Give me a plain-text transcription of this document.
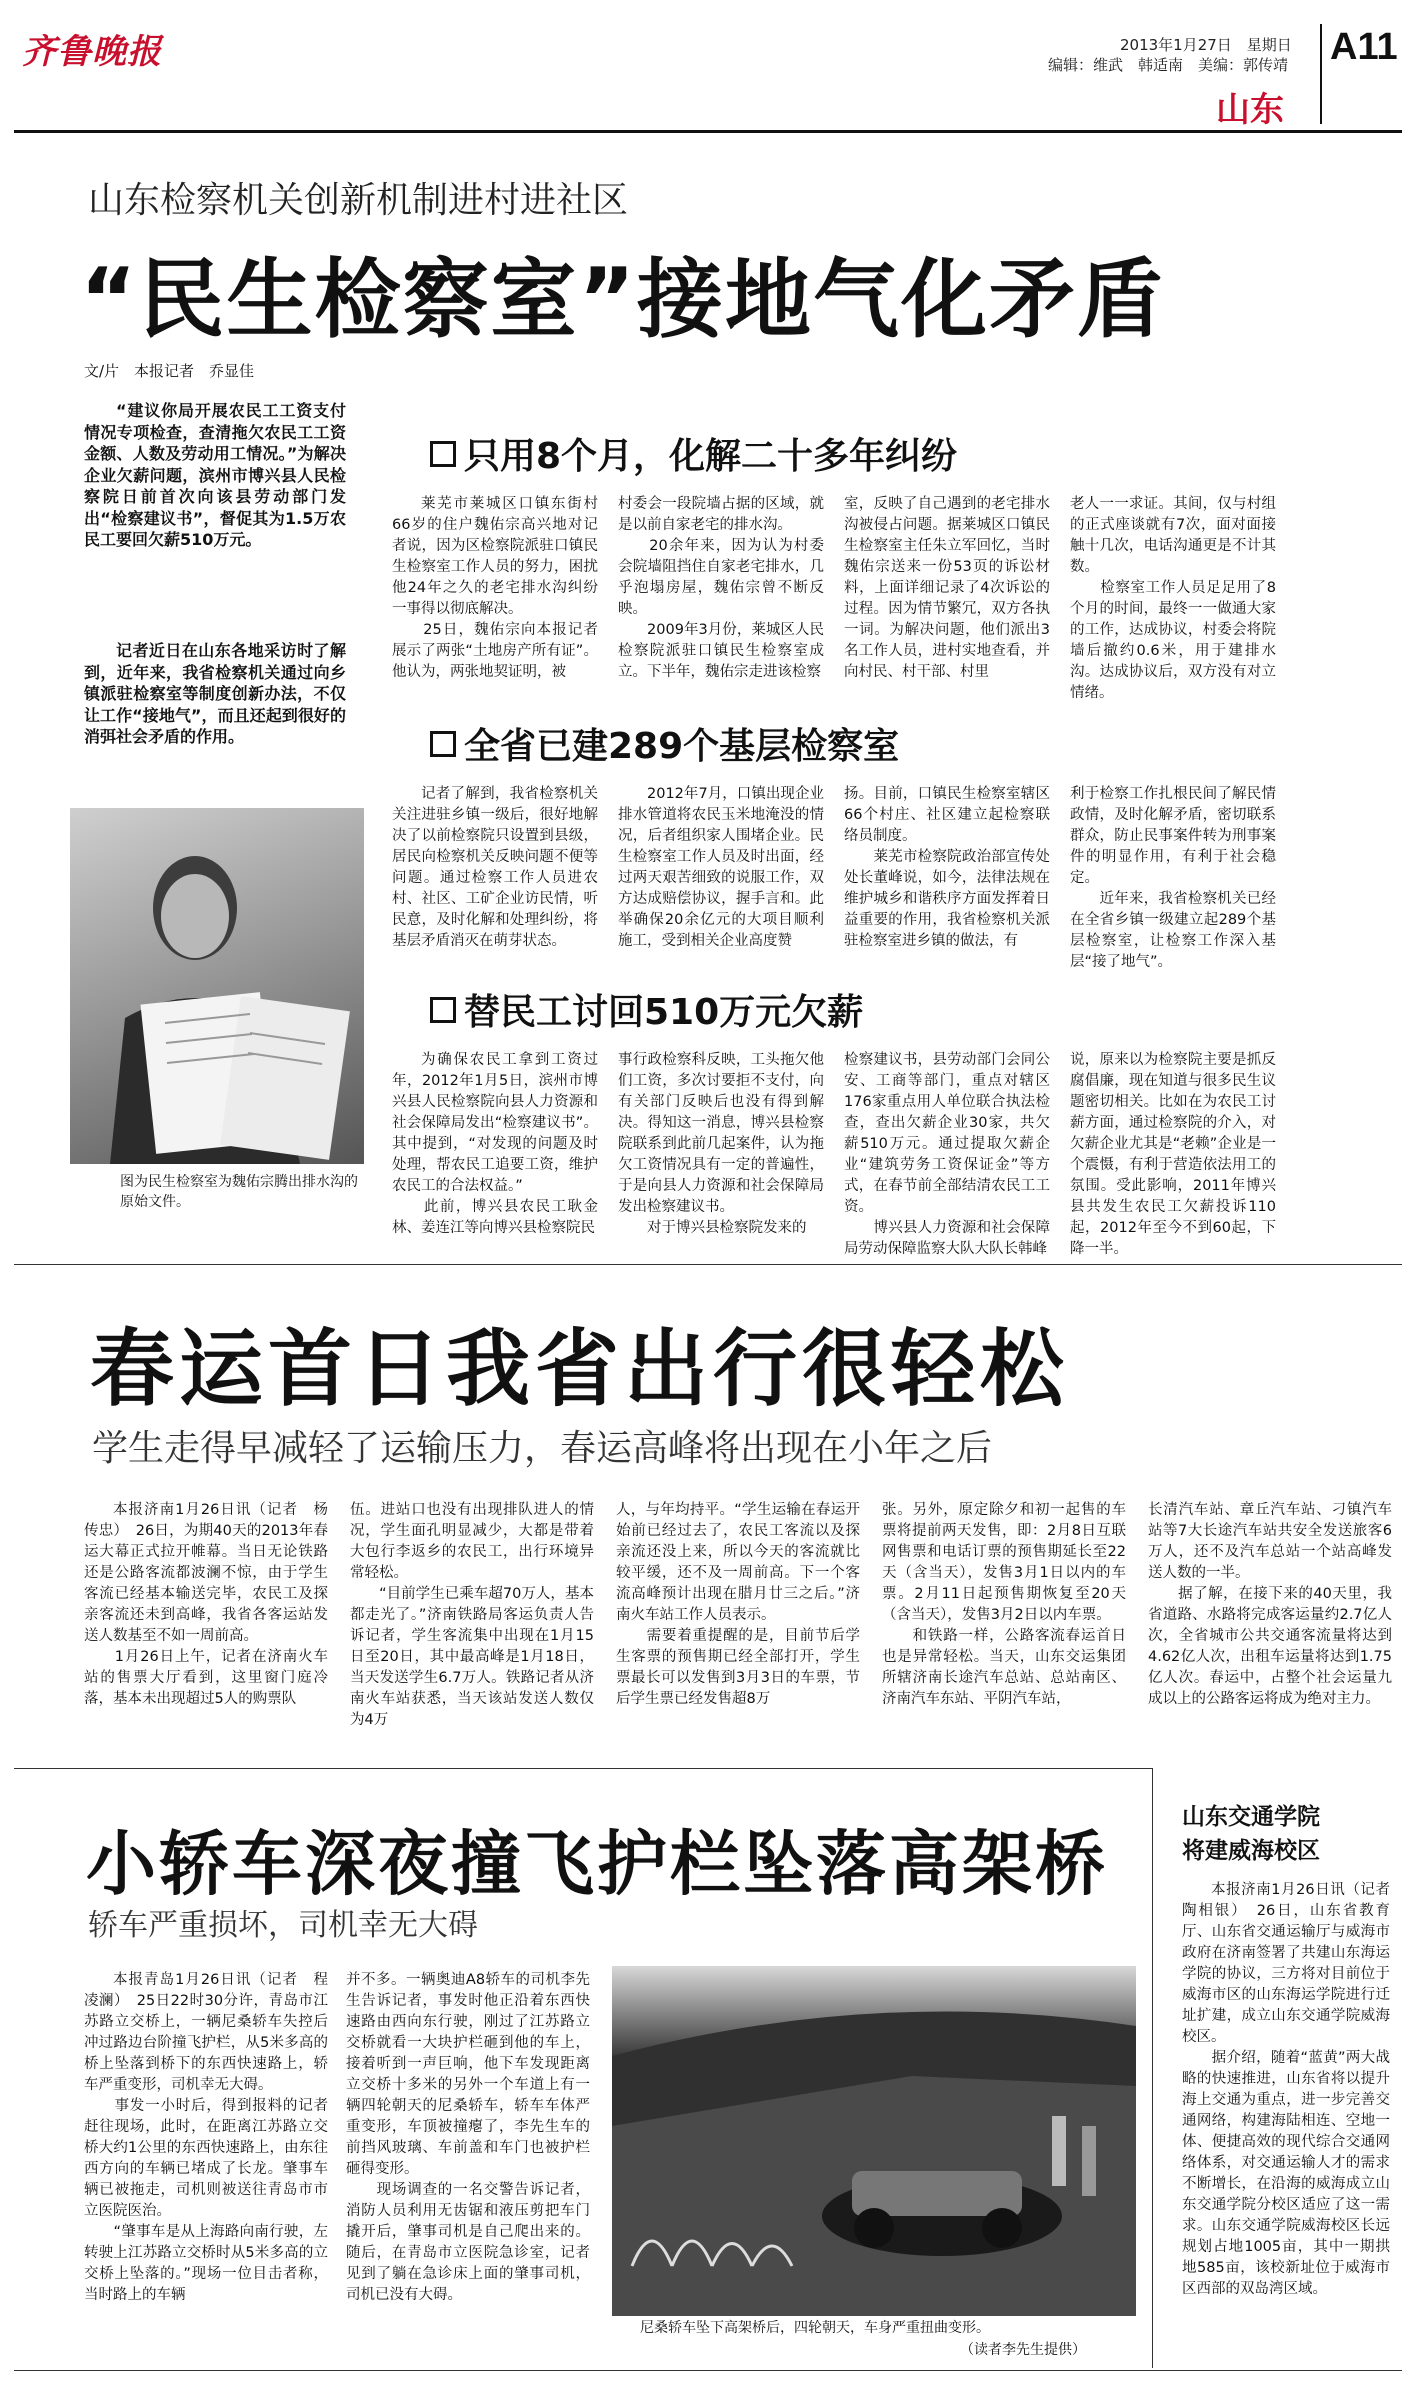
齐鲁晚报	2013年1月27日　星期日
编辑：维武　韩适南　美编：郭传靖 A11
山东
山东检察机关创新机制进村进社区
“民生检察室”接地气化矛盾
文/片　本报记者　乔显佳
“建议你局开展农民工工资支付情况专项检查，查清拖欠农民工工资金额、人数及劳动用工情况。”为解决企业欠薪问题，滨州市博兴县人民检察院日前首次向该县劳动部门发出“检察建议书”，督促其为1.5万农民工要回欠薪510万元。
记者近日在山东各地采访时了解到，近年来，我省检察机关通过向乡镇派驻检察室等制度创新办法，不仅让工作“接地气”，而且还起到很好的消弭社会矛盾的作用。
图为民生检察室为魏佑宗腾出排水沟的原始文件。
只用8个月，化解二十多年纠纷
莱芜市莱城区口镇东街村66岁的住户魏佑宗高兴地对记者说，因为区检察院派驻口镇民生检察室工作人员的努力，困扰他24年之久的老宅排水沟纠纷一事得以彻底解决。
　　25日，魏佑宗向本报记者展示了两张“土地房产所有证”。他认为，两张地契证明，被
村委会一段院墙占据的区域，就是以前自家老宅的排水沟。
　　20余年来，因为认为村委会院墙阻挡住自家老宅排水，几乎泡塌房屋，魏佑宗曾不断反映。
　　2009年3月份，莱城区人民检察院派驻口镇民生检察室成立。下半年，魏佑宗走进该检察
室，反映了自己遇到的老宅排水沟被侵占问题。据莱城区口镇民生检察室主任朱立军回忆，当时魏佑宗送来一份53页的诉讼材料，上面详细记录了4次诉讼的过程。因为情节繁冗，双方各执一词。为解决问题，他们派出3名工作人员，进村实地查看，并向村民、村干部、村里
老人一一求证。其间，仅与村组的正式座谈就有7次，面对面接触十几次，电话沟通更是不计其数。
　　检察室工作人员足足用了8个月的时间，最终一一做通大家的工作，达成协议，村委会将院墙后撤约0.6米，用于建排水沟。达成协议后，双方没有对立情绪。
全省已建289个基层检察室
记者了解到，我省检察机关关注进驻乡镇一级后，很好地解决了以前检察院只设置到县级，居民向检察机关反映问题不便等问题。通过检察工作人员进农村、社区、工矿企业访民情，听民意，及时化解和处理纠纷，将基层矛盾消灭在萌芽状态。
2012年7月，口镇出现企业排水管道将农民玉米地淹没的情况，后者组织家人围堵企业。民生检察室工作人员及时出面，经过两天艰苦细致的说服工作，双方达成赔偿协议，握手言和。此举确保20余亿元的大项目顺利施工，受到相关企业高度赞
扬。目前，口镇民生检察室辖区66个村庄、社区建立起检察联络员制度。
　　莱芜市检察院政治部宣传处处长董峰说，如今，法律法规在维护城乡和谐秩序方面发挥着日益重要的作用，我省检察机关派驻检察室进乡镇的做法，有
利于检察工作扎根民间了解民情政情，及时化解矛盾，密切联系群众，防止民事案件转为刑事案件的明显作用，有利于社会稳定。
　　近年来，我省检察机关已经在全省乡镇一级建立起289个基层检察室，让检察工作深入基层“接了地气”。
替民工讨回510万元欠薪
为确保农民工拿到工资过年，2012年1月5日，滨州市博兴县人民检察院向县人力资源和社会保障局发出“检察建议书”。其中提到，“对发现的问题及时处理，帮农民工追要工资，维护农民工的合法权益。”
　　此前，博兴县农民工耿金林、姜连江等向博兴县检察院民
事行政检察科反映，工头拖欠他们工资，多次讨要拒不支付，向有关部门反映后也没有得到解决。得知这一消息，博兴县检察院联系到此前几起案件，认为拖欠工资情况具有一定的普遍性，于是向县人力资源和社会保障局发出检察建议书。
　　对于博兴县检察院发来的
检察建议书，县劳动部门会同公安、工商等部门，重点对辖区176家重点用人单位联合执法检查，查出欠薪企业30家，共欠薪510万元。通过提取欠薪企业“建筑劳务工资保证金”等方式，在春节前全部结清农民工工资。
　　博兴县人力资源和社会保障局劳动保障监察大队大队长韩峰
说，原来以为检察院主要是抓反腐倡廉，现在知道与很多民生议题密切相关。比如在为农民工讨薪方面，通过检察院的介入，对欠薪企业尤其是“老赖”企业是一个震慑，有利于营造依法用工的氛围。受此影响，2011年博兴县共发生农民工欠薪投诉110起，2012年至今不到60起，下降一半。
春运首日我省出行很轻松
学生走得早减轻了运输压力，春运高峰将出现在小年之后
本报济南1月26日讯（记者　杨传忠）　26日，为期40天的2013年春运大幕正式拉开帷幕。当日无论铁路还是公路客流都波澜不惊，由于学生客流已经基本输送完毕，农民工及探亲客流还未到高峰，我省各客运站发送人数基至不如一周前高。
　　1月26日上午，记者在济南火车站的售票大厅看到，这里窗门庭冷落，基本未出现超过5人的购票队
伍。进站口也没有出现排队进人的情况，学生面孔明显减少，大都是带着大包行李返乡的农民工，出行环境异常轻松。
　　“目前学生已乘车超70万人，基本都走光了。”济南铁路局客运负责人告诉记者，学生客流集中出现在1月15日至20日，其中最高峰是1月18日，当天发送学生6.7万人。铁路记者从济南火车站获悉，当天该站发送人数仅为4万
人，与年均持平。“学生运输在春运开始前已经过去了，农民工客流以及探亲流还没上来，所以今天的客流就比较平缓，还不及一周前高。下一个客流高峰预计出现在腊月廿三之后。”济南火车站工作人员表示。
　　需要着重提醒的是，目前节后学生客票的预售期已经全部打开，学生票最长可以发售到3月3日的车票，节后学生票已经发售超8万
张。另外，原定除夕和初一起售的车票将提前两天发售，即：2月8日互联网售票和电话订票的预售期延长至22天（含当天），发售3月1日以内的车票。2月11日起预售期恢复至20天（含当天），发售3月2日以内车票。
　　和铁路一样，公路客流春运首日也是异常轻松。当天，山东交运集团所辖济南长途汽车总站、总站南区、济南汽车东站、平阴汽车站，
长清汽车站、章丘汽车站、刁镇汽车站等7大长途汽车站共安全发送旅客6万人，还不及汽车总站一个站高峰发送人数的一半。
　　据了解，在接下来的40天里，我省道路、水路将完成客运量约2.7亿人次，全省城市公共交通客流量将达到4.62亿人次，出租车运量将达到1.75亿人次。春运中，占整个社会运量九成以上的公路客运将成为绝对主力。
小轿车深夜撞飞护栏坠落高架桥
轿车严重损坏，司机幸无大碍
本报青岛1月26日讯（记者　程凌澜）　25日22时30分许，青岛市江苏路立交桥上，一辆尼桑轿车失控后冲过路边台阶撞飞护栏，从5米多高的桥上坠落到桥下的东西快速路上，轿车严重变形，司机幸无大碍。
　　事发一小时后，得到报料的记者赶往现场，此时，在距离江苏路立交桥大约1公里的东西快速路上，由东往西方向的车辆已堵成了长龙。肇事车辆已被拖走，司机则被送往青岛市市立医院医治。
　　“肇事车是从上海路向南行驶，左转驶上江苏路立交桥时从5米多高的立交桥上坠落的。”现场一位目击者称，当时路上的车辆
并不多。一辆奥迪A8轿车的司机李先生告诉记者，事发时他正沿着东西快速路由西向东行驶，刚过了江苏路立交桥就看一大块护栏砸到他的车上，接着听到一声巨响，他下车发现距离立交桥十多米的另外一个车道上有一辆四轮朝天的尼桑轿车，轿车车体严重变形，车顶被撞瘪了，李先生车的前挡风玻璃、车前盖和车门也被护栏砸得变形。
　　现场调查的一名交警告诉记者，消防人员利用无齿锯和液压剪把车门撬开后，肇事司机是自己爬出来的。随后，在青岛市立医院急诊室，记者见到了躺在急诊床上面的肇事司机，司机已没有大碍。
尼桑轿车坠下高架桥后，四轮朝天，车身严重扭曲变形。
（读者李先生提供）
山东交通学院
将建威海校区
本报济南1月26日讯（记者　陶相银）　26日，山东省教育厅、山东省交通运输厅与威海市政府在济南签署了共建山东海运学院的协议，三方将对目前位于威海市区的山东海运学院进行迁址扩建，成立山东交通学院威海校区。
　　据介绍，随着“蓝黄”两大战略的快速推进，山东省将以提升海上交通为重点，进一步完善交通网络，构建海陆相连、空地一体、便捷高效的现代综合交通网络体系，对交通运输人才的需求不断增长，在沿海的威海成立山东交通学院分校区适应了这一需求。山东交通学院威海校区长远规划占地1005亩，其中一期拱地585亩，该校新址位于威海市区西部的双岛湾区域。
